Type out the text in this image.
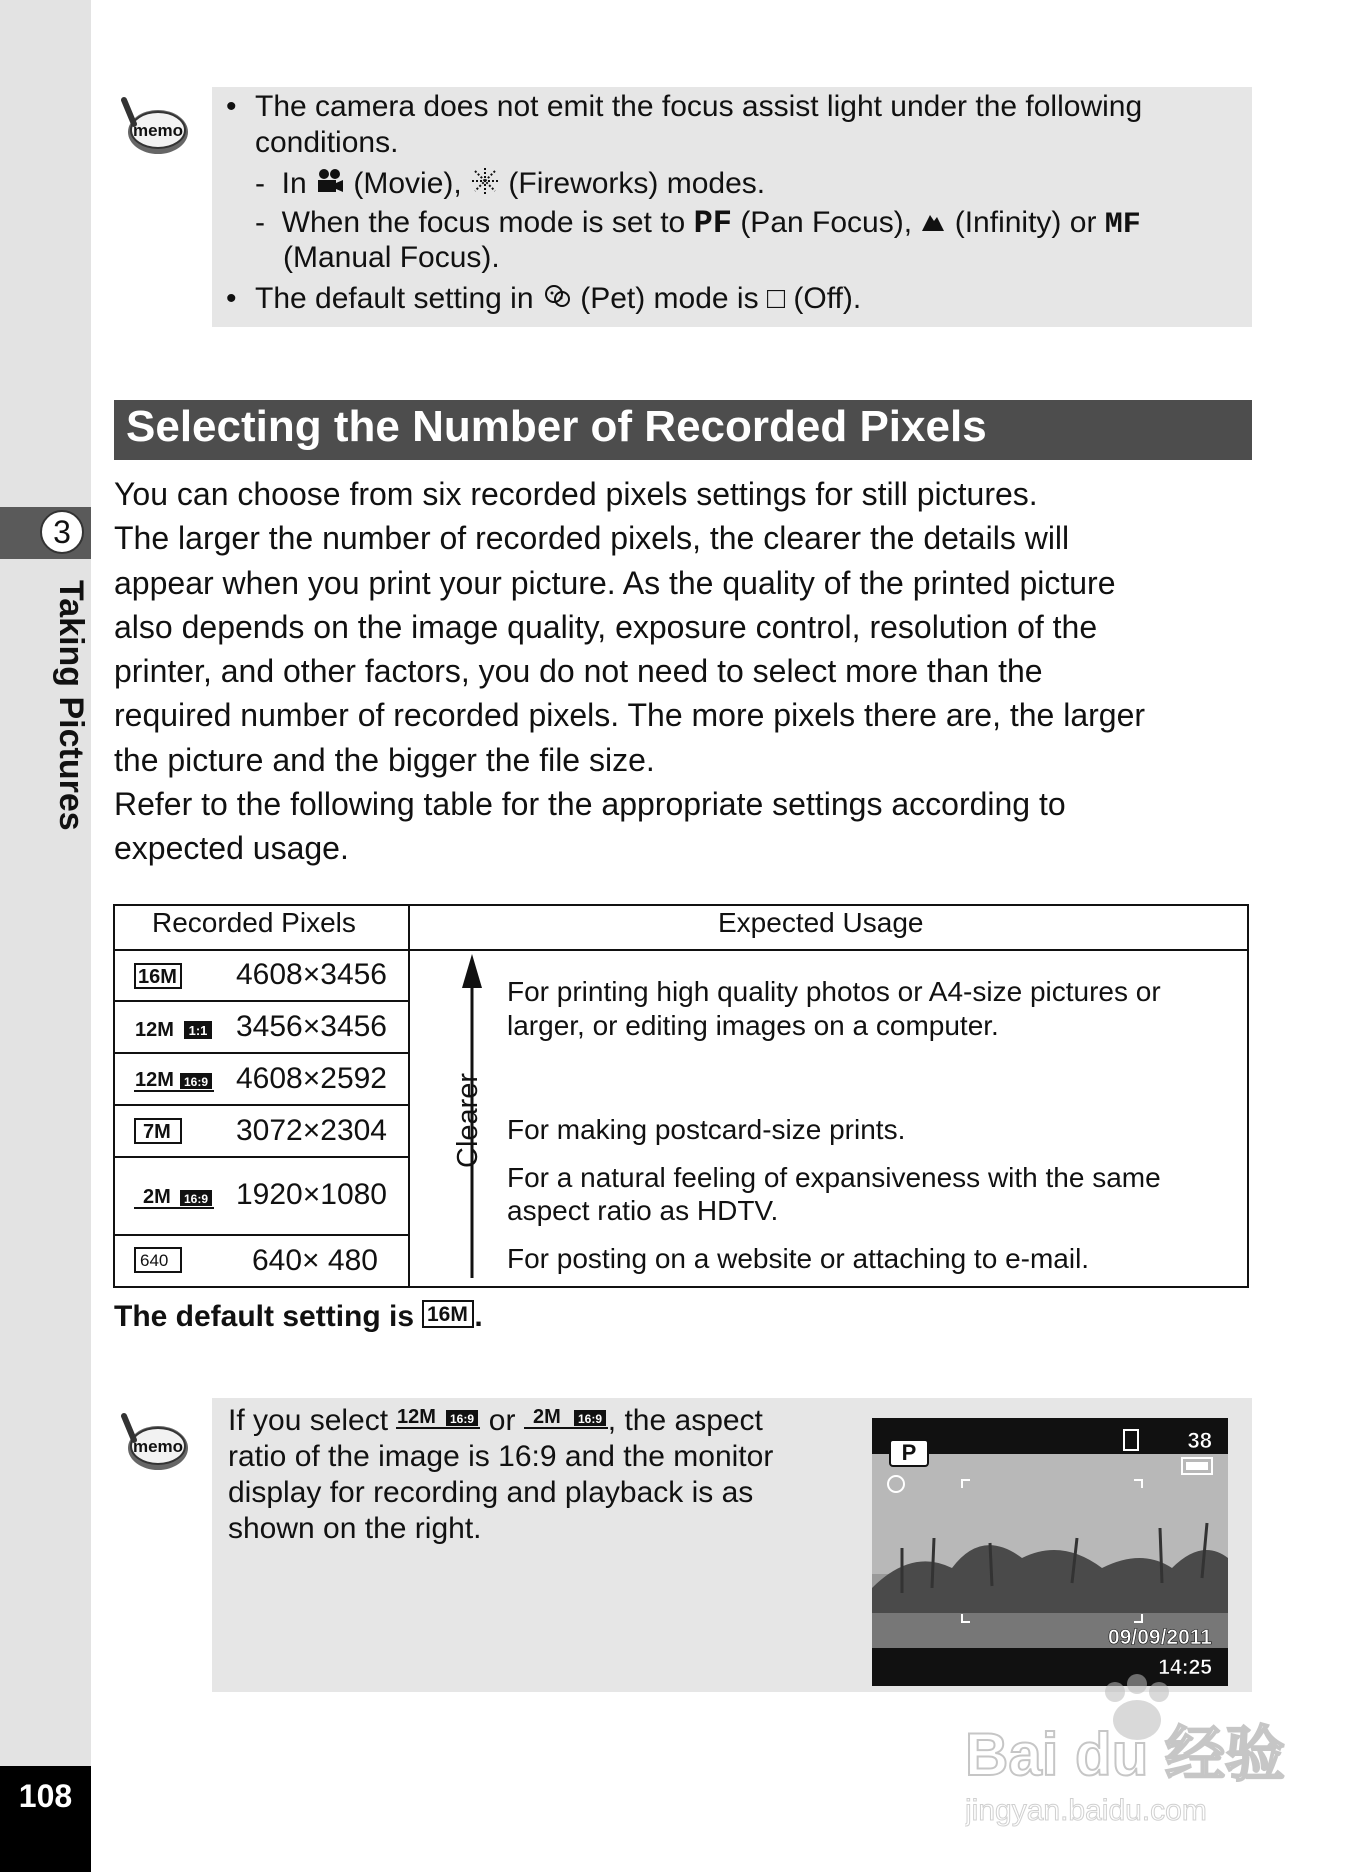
3
Taking Pictures
108
memo
• The camera does not emit the focus assist light under the following
conditions.
-  In (Movie), (Fireworks) modes.
-  When the focus mode is set to PF (Pan Focus), (Infinity) or MF
(Manual Focus).
• The default setting in (Pet) mode is □ (Off).
Selecting the Number of Recorded Pixels

You can choose from six recorded pixels settings for still pictures.

The larger the number of recorded pixels, the clearer the details will

appear when you print your picture. As the quality of the printed picture

also depends on the image quality, exposure control, resolution of the

printer, and other factors, you do not need to select more than the

required number of recorded pixels. The more pixels there are, the larger

the picture and the bigger the file size.

Refer to the following table for the appropriate settings according to

expected usage.

Recorded Pixels	Expected Usage
16M
12M 1:1
12M 16:9
7M
2M 16:9
640
4608×3456
3456×3456
4608×2592
3072×2304
1920×1080
640× 480
Clearer
For printing high quality photos or A4-size pictures or
larger, or editing images on a computer.
For making postcard-size prints.
For a natural feeling of expansiveness with the same
aspect ratio as HDTV.
For posting on a website or attaching to e-mail.
The default setting is 16M .
memo
If you select 12M 16:9 or 2M 16:9 , the aspect
ratio of the image is 16:9 and the monitor
display for recording and playback is as
shown on the right.
P	38
09/09/2011
14:25
Bai du 经验
jingyan.baidu.com
